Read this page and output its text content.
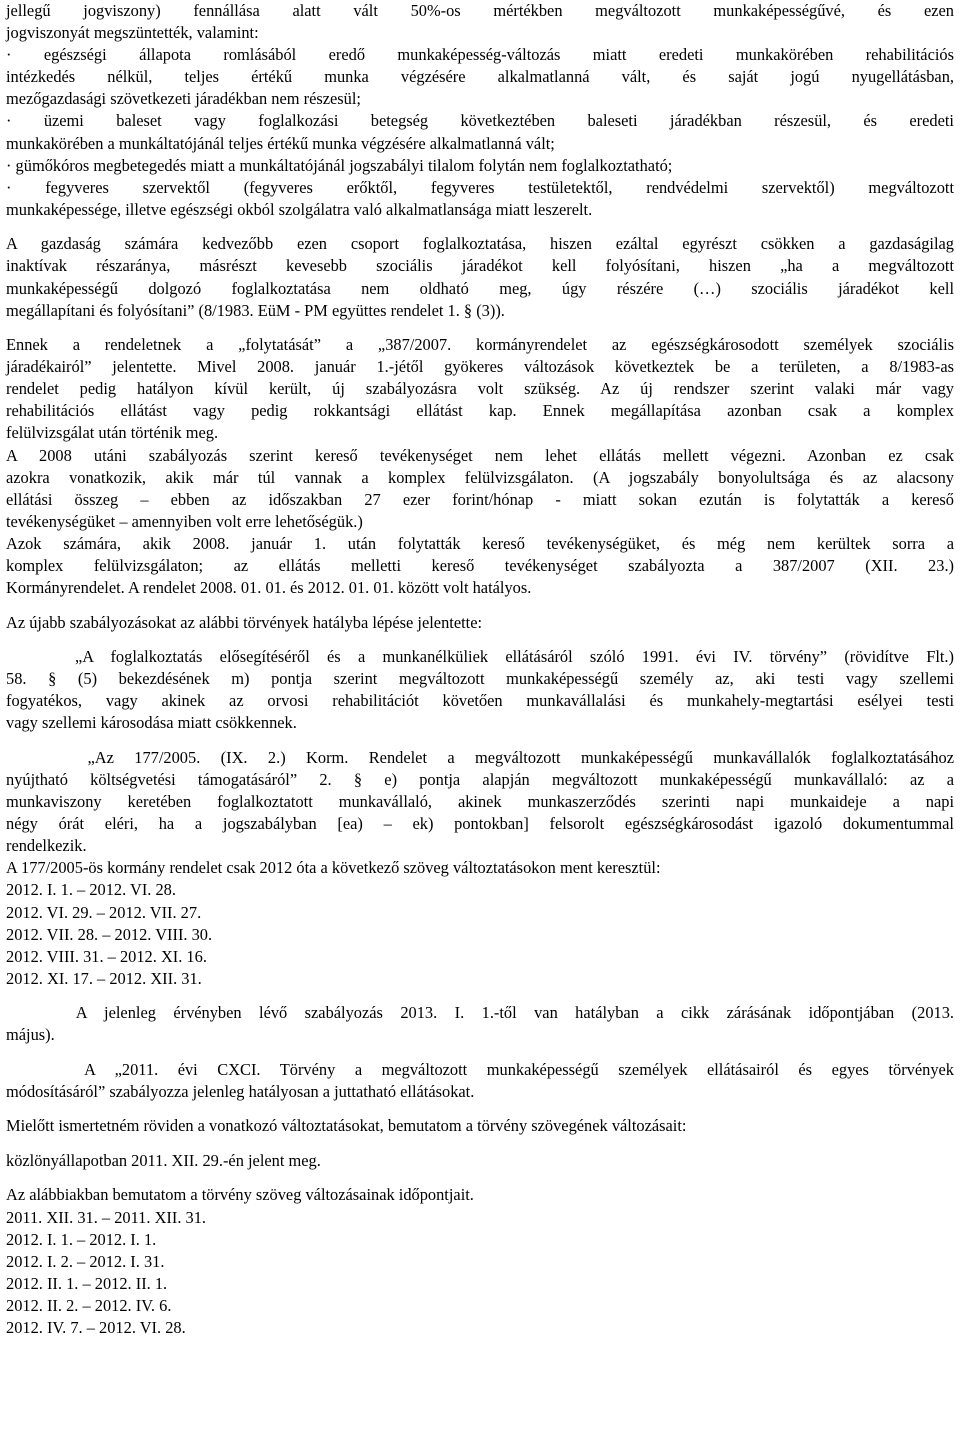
jellegű jogviszony) fennállása alatt vált 50%-os mértékben megváltozott munkaképességűvé, és ezen
jogviszonyát megszüntették, valamint:
· egészségi állapota romlásából eredő munkaképesség-változás miatt eredeti munkakörében rehabilitációs
intézkedés nélkül, teljes értékű munka végzésére alkalmatlanná vált, és saját jogú nyugellátásban,
mezőgazdasági szövetkezeti járadékban nem részesül;
· üzemi baleset vagy foglalkozási betegség következtében baleseti járadékban részesül, és eredeti
munkakörében a munkáltatójánál teljes értékű munka végzésére alkalmatlanná vált;
· gümőkóros megbetegedés miatt a munkáltatójánál jogszabályi tilalom folytán nem foglalkoztatható;
· fegyveres szervektől (fegyveres erőktől, fegyveres testületektől, rendvédelmi szervektől) megváltozott
munkaképessége, illetve egészségi okból szolgálatra való alkalmatlansága miatt leszerelt.
A gazdaság számára kedvezőbb ezen csoport foglalkoztatása, hiszen ezáltal egyrészt csökken a gazdaságilag
inaktívak részaránya, másrészt kevesebb szociális járadékot kell folyósítani, hiszen „ha a megváltozott
munkaképességű dolgozó foglalkoztatása nem oldható meg, úgy részére (…) szociális járadékot kell
megállapítani és folyósítani” (8/1983. EüM - PM együttes rendelet 1. § (3)).
Ennek a rendeletnek a „folytatását” a „387/2007. kormányrendelet az egészségkárosodott személyek szociális
járadékairól” jelentette. Mivel 2008. január 1.-jétől gyökeres változások következtek be a területen, a 8/1983-as
rendelet pedig hatályon kívül került, új szabályozásra volt szükség. Az új rendszer szerint valaki már vagy
rehabilitációs ellátást vagy pedig rokkantsági ellátást kap. Ennek megállapítása azonban csak a komplex
felülvizsgálat után történik meg.
A 2008 utáni szabályozás szerint kereső tevékenységet nem lehet ellátás mellett végezni. Azonban ez csak
azokra vonatkozik, akik már túl vannak a komplex felülvizsgálaton. (A jogszabály bonyolultsága és az alacsony
ellátási összeg – ebben az időszakban 27 ezer forint/hónap - miatt sokan ezután is folytatták a kereső
tevékenységüket – amennyiben volt erre lehetőségük.)
Azok számára, akik 2008. január 1. után folytatták kereső tevékenységüket, és még nem kerültek sorra a
komplex felülvizsgálaton; az ellátás melletti kereső tevékenységet szabályozta a 387/2007 (XII. 23.)
Kormányrendelet. A rendelet 2008. 01. 01. és 2012. 01. 01. között volt hatályos.
Az újabb szabályozásokat az alábbi törvények hatályba lépése jelentette:
„A foglalkoztatás elősegítéséről és a munkanélküliek ellátásáról szóló 1991. évi IV. törvény” (rövidítve Flt.)
58. § (5) bekezdésének m) pontja szerint megváltozott munkaképességű személy az, aki testi vagy szellemi
fogyatékos, vagy akinek az orvosi rehabilitációt követően munkavállalási és munkahely-megtartási esélyei testi
vagy szellemi károsodása miatt csökkennek.
„Az 177/2005. (IX. 2.) Korm. Rendelet a megváltozott munkaképességű munkavállalók foglalkoztatásához
nyújtható költségvetési támogatásáról” 2. § e) pontja alapján megváltozott munkaképességű munkavállaló: az a
munkaviszony keretében foglalkoztatott munkavállaló, akinek munkaszerződés szerinti napi munkaideje a napi
négy órát eléri, ha a jogszabályban [ea) – ek) pontokban] felsorolt egészségkárosodást igazoló dokumentummal
rendelkezik.
A 177/2005-ös kormány rendelet csak 2012 óta a következő szöveg változtatásokon ment keresztül:
2012. I. 1. – 2012. VI. 28.
2012. VI. 29. – 2012. VII. 27.
2012. VII. 28. – 2012. VIII. 30.
2012. VIII. 31. – 2012. XI. 16.
2012. XI. 17. – 2012. XII. 31.
A jelenleg érvényben lévő szabályozás 2013. I. 1.-től van hatályban a cikk zárásának időpontjában (2013.
május).
A „2011. évi CXCI. Törvény a megváltozott munkaképességű személyek ellátásairól és egyes törvények
módosításáról” szabályozza jelenleg hatályosan a juttatható ellátásokat.
Mielőtt ismertetném röviden a vonatkozó változtatásokat, bemutatom a törvény szövegének változásait:
közlönyállapotban 2011. XII. 29.-én jelent meg.
Az alábbiakban bemutatom a törvény szöveg változásainak időpontjait.
2011. XII. 31. – 2011. XII. 31.
2012. I. 1. – 2012. I. 1.
2012. I. 2. – 2012. I. 31.
2012. II. 1. – 2012. II. 1.
2012. II. 2. – 2012. IV. 6.
2012. IV. 7. – 2012. VI. 28.
